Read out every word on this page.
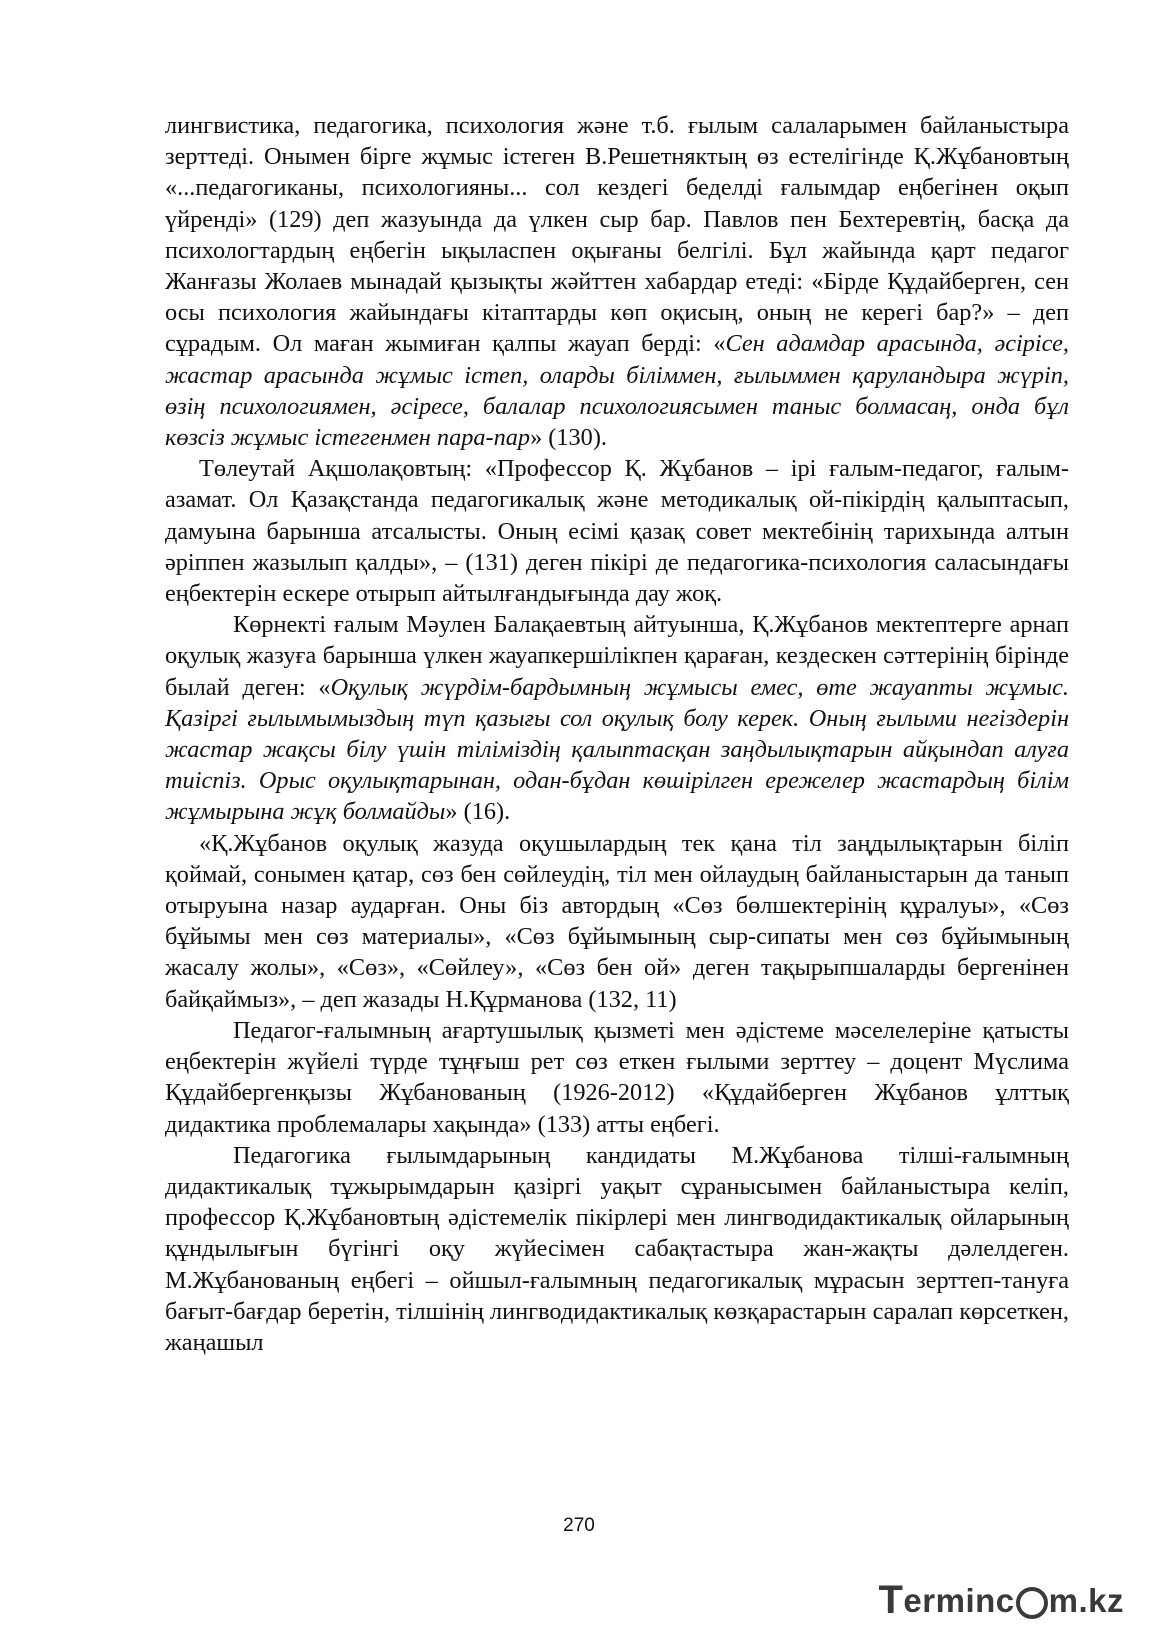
лингвистика, педагогика, психология және т.б. ғылым салаларымен байланыстыра зерттеді. Онымен бірге жұмыс істеген В.Решетняктың өз естелігінде Қ.Жұбановтың «...педагогиканы, психологияны... сол кездегі беделді ғалымдар еңбегінен оқып үйренді» (129) деп жазуында да үлкен сыр бар. Павлов пен Бехтеревтің, басқа да психологтардың еңбегін ықыласпен оқығаны белгілі. Бұл жайында қарт педагог Жанғазы Жолаев мынадай қызықты жәйттен хабардар етеді: «Бірде Құдайберген, сен осы психология жайындағы кітаптарды көп оқисың, оның не керегі бар?» – деп сұрадым. Ол маған жымиған қалпы жауап берді: «Сен адамдар арасында, әсірісе, жастар арасында жұмыс істеп, оларды біліммен, ғылыммен қаруландыра жүріп, өзің психологиямен, әсіресе, балалар психологиясымен таныс болмасаң, онда бұл көзсіз жұмыс істегенмен пара-пар» (130).

Төлеутай Ақшолақовтың: «Профессор Қ. Жұбанов – ірі ғалым-педагог, ғалым-азамат. Ол Қазақстанда педагогикалық және методикалық ой-пікірдің қалыптасып, дамуына барынша атсалысты. Оның есімі қазақ совет мектебінің тарихында алтын әріппен жазылып қалды», – (131) деген пікірі де педагогика-психология саласындағы еңбектерін ескере отырып айтылғандығында дау жоқ.

Көрнекті ғалым Мәулен Балақаевтың айтуынша, Қ.Жұбанов мектептерге арнап оқулық жазуға барынша үлкен жауапкершілікпен қараған, кездескен сәттерінің бірінде былай деген: «Оқулық жүрдім-бардымның жұмысы емес, өте жауапты жұмыс. Қазіргі ғылымымыздың түп қазығы сол оқулық болу керек. Оның ғылыми негіздерін жастар жақсы білу үшін тіліміздің қалыптасқан заңдылықтарын айқындап алуға тиіспіз. Орыс оқулықтарынан, одан-бұдан көшірілген ережелер жастардың білім жұмырына жұқ болмайды» (16).

«Қ.Жұбанов оқулық жазуда оқушылардың тек қана тіл заңдылықтарын біліп қоймай, сонымен қатар, сөз бен сөйлеудің, тіл мен ойлаудың байланыстарын да танып отыруына назар аударған. Оны біз автордың «Сөз бөлшектерінің құралуы», «Сөз бұйымы мен сөз материалы», «Сөз бұйымының сыр-сипаты мен сөз бұйымының жасалу жолы», «Сөз», «Сөйлеу», «Сөз бен ой» деген тақырыпшаларды бергенінен байқаймыз», – деп жазады Н.Құрманова (132, 11)

Педагог-ғалымның ағартушылық қызметі мен әдістеме мәселелеріне қатысты еңбектерін жүйелі түрде тұңғыш рет сөз еткен ғылыми зерттеу – доцент Мүслима Құдайбергенқызы Жұбанованың (1926-2012) «Құдайберген Жұбанов ұлттық дидактика проблемалары хақында» (133) атты еңбегі.

Педагогика ғылымдарының кандидаты М.Жұбанова тілші-ғалымның дидактикалық тұжырымдарын қазіргі уақыт сұранысымен байланыстыра келіп, профессор Қ.Жұбановтың әдістемелік пікірлері мен лингводидактикалық ойларының құндылығын бүгінгі оқу жүйесімен сабақтастыра жан-жақты дәлелдеген. М.Жұбанованың еңбегі – ойшыл-ғалымның педагогикалық мұрасын зерттеп-тануға бағыт-бағдар беретін, тілшінің лингводидактикалық көзқарастарын саралап көрсеткен, жаңашыл

270
T erminc m.kz
